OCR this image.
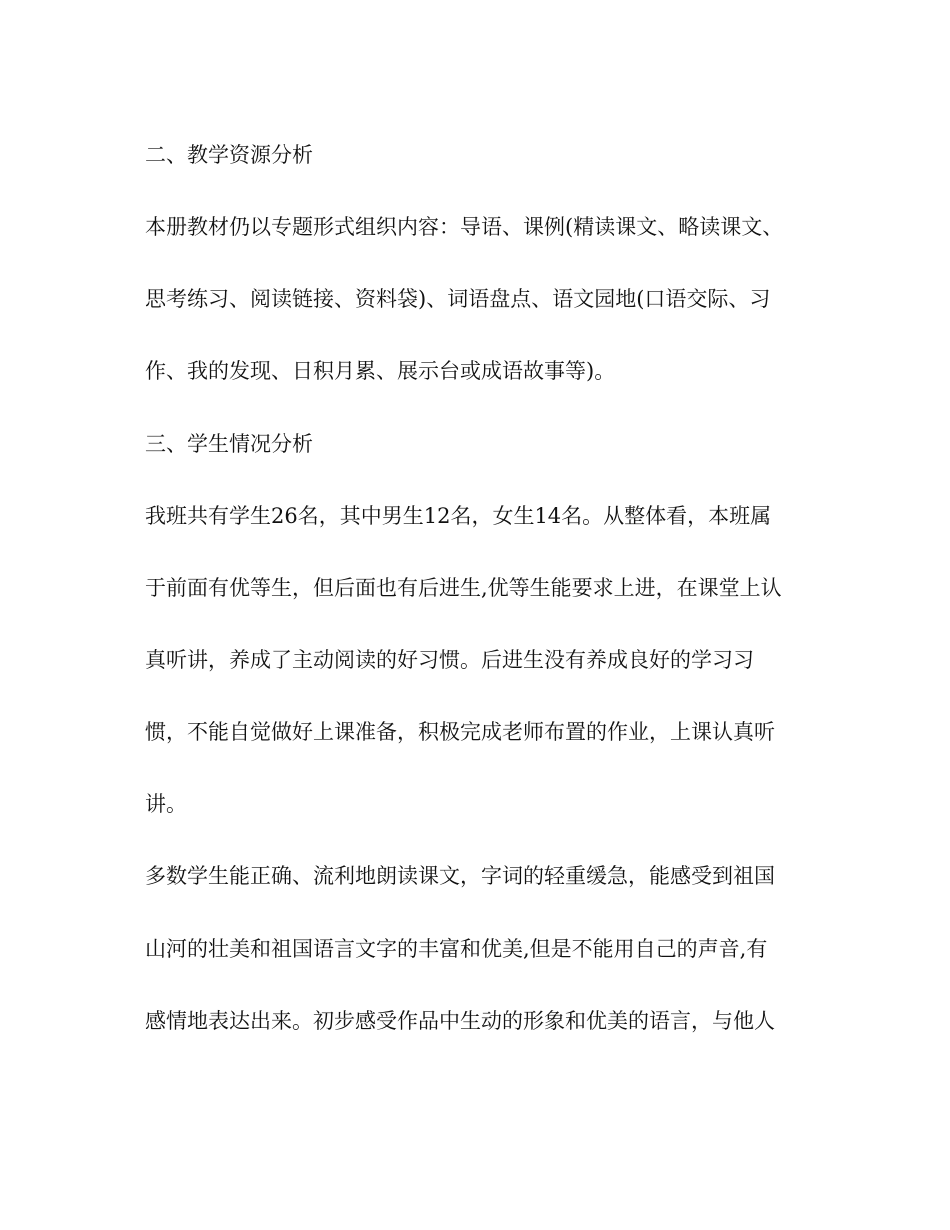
二、教学资源分析
本册教材仍以专题形式组织内容：导语、课例(精读课文、略读课文、
思考练习、阅读链接、资料袋)、词语盘点、语文园地(口语交际、习
作、我的发现、日积月累、展示台或成语故事等)。
三、学生情况分析
我班共有学生26名，其中男生12名，女生14名。从整体看，本班属
于前面有优等生，但后面也有后进生,优等生能要求上进，在课堂上认
真听讲，养成了主动阅读的好习惯。后进生没有养成良好的学习习
惯，不能自觉做好上课准备，积极完成老师布置的作业，上课认真听
讲。
多数学生能正确、流利地朗读课文，字词的轻重缓急，能感受到祖国
山河的壮美和祖国语言文字的丰富和优美,但是不能用自己的声音,有
感情地表达出来。初步感受作品中生动的形象和优美的语言，与他人
